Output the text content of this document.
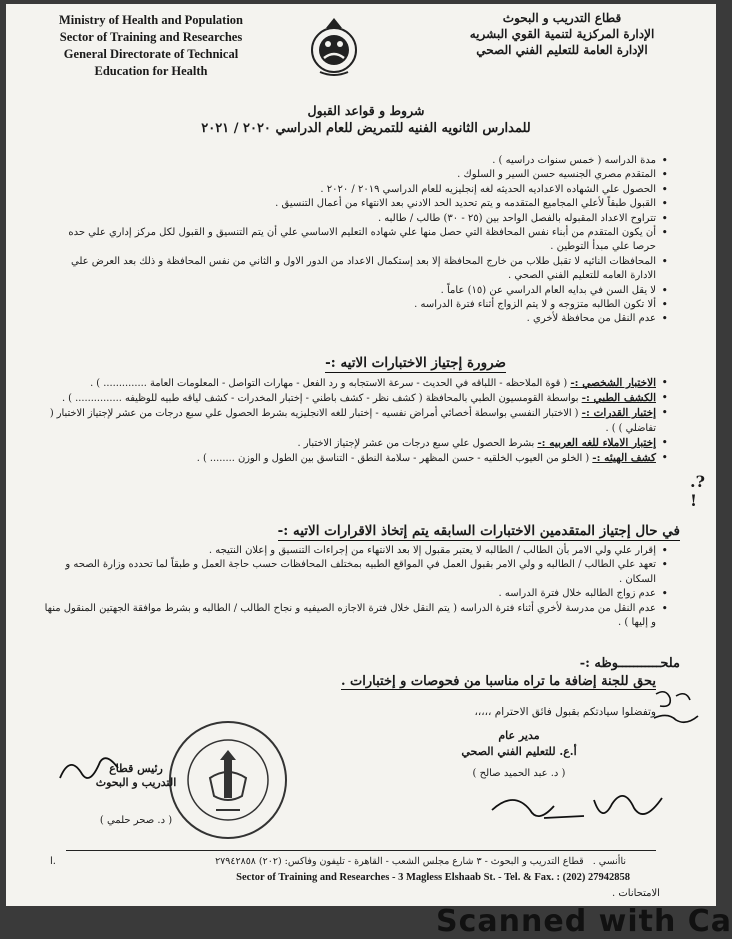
Ministry of Health and Population
Sector of Training and Researches
General Directorate of Technical
Education for Health
قطاع التدريب و البحوث
الإدارة المركزية لتنمية القوي البشريه
الإدارة العامة للتعليم الفني الصحي
شروط و قواعد القبول
للمدارس الثانويه الفنيه للتمريض للعام الدراسي ٢٠٢٠ / ٢٠٢١
• مدة الدراسه ( خمس سنوات دراسيه ) .
• المتقدم مصري الجنسيه حسن السير و السلوك .
• الحصول علي الشهاده الاعداديه الحديثه لغه إنجليزيه للعام الدراسي ٢٠١٩ / ٢٠٢٠ .
• القبول طبقاً لأعلي المجاميع المتقدمه و يتم تحديد الحد الادني بعد الانتهاء من أعمال التنسيق .
• تتراوح الاعداد المقبوله بالفصل الواحد بين (٢٥ - ٣٠) طالب / طالبه .
• أن يكون المتقدم من أبناء نفس المحافظة التي حصل منها علي شهاده التعليم الاساسي علي أن يتم التنسيق و القبول لكل مركز إداري علي حده حرصا علي مبدأ التوطين .
• المحافظات النائيه لا تقبل طلاب من خارج المحافظة إلا بعد إستكمال الاعداد من الدور الاول و الثاني من نفس المحافظة و ذلك بعد العرض علي الادارة العامه للتعليم الفني الصحي .
• لا يقل السن في بدايه العام الدراسي عن (١٥) عاماً .
• ألا تكون الطالبه متزوجه و لا يتم الزواج أثناء فترة الدراسه .
• عدم النقل من محافظة لأخري .
ضرورة إجتياز الاختبارات الاتيه :-
• الاختبار الشخصي :- ( قوة الملاحظه - اللباقه في الحديث - سرعة الاستجابه و رد الفعل - مهارات التواصل - المعلومات العامة .............. ) .
• الكشف الطبي :- بواسطة القومسيون الطبي بالمحافظة ( كشف نظر - كشف باطني - إختبار المخدرات - كشف لياقه طبيه للوظيفه ............... ) .
• إختبار القدرات :- ( الاختبار النفسي بواسطة أخصائي أمراض نفسيه - إختبار للغه الانجليزيه بشرط الحصول علي سبع درجات من عشر لإجتياز الاختبار ( تفاضلي ) ) .
• إختبار الاملاء للغه العربيه :- بشرط الحصول علي سبع درجات من عشر لإجتياز الاختبار .
• كشف الهيئه :- ( الخلو من العيوب الخلقيه - حسن المظهر - سلامة النطق - التناسق بين الطول و الوزن ........ ) .
.?
!
في حال إجتياز المتقدمين الاختبارات السابقه يتم إتخاذ الاقرارات الاتيه :-
• إقرار علي ولي الامر بأن الطالب / الطالبه لا يعتبر مقبول إلا بعد الانتهاء من إجراءات التنسيق و إعلان النتيجه .
• تعهد علي الطالب / الطالبه و ولي الامر بقبول العمل في المواقع الطبيه بمختلف المحافظات حسب حاجة العمل و طبقاً لما تحدده وزارة الصحه و السكان .
• عدم زواج الطالبه خلال فترة الدراسه .
• عدم النقل من مدرسة لأخري أثناء فترة الدراسه ( يتم النقل خلال فترة الاجازه الصيفيه و نجاح الطالب / الطالبه و بشرط موافقة الجهتين المنقول منها و إليها ) .
ملحـــــــــــوظه :-
يحق للجنة إضافة ما تراه مناسبا من فحوصات و إختبارات .
وتفضلوا سيادتكم بقبول فائق الاحترام ،،،،،
مدير عام
أ.ع. للتعليم الفني الصحي
( د. عبد الحميد صالح )
رئيس قطاع
التدريب و البحوث
( د. صحر حلمي )
ناأنسي .   قطاع التدريب و البحوث - ٣ شارع مجلس الشعب - القاهرة - تليفون وفاكس: (٢٠٢) ٢٧٩٤٢٨٥٨
Sector of Training and Researches - 3 Magless Elshaab St. - Tel. & Fax. : (202) 27942858
ا.
الامتحانات .
Scanned with Ca
